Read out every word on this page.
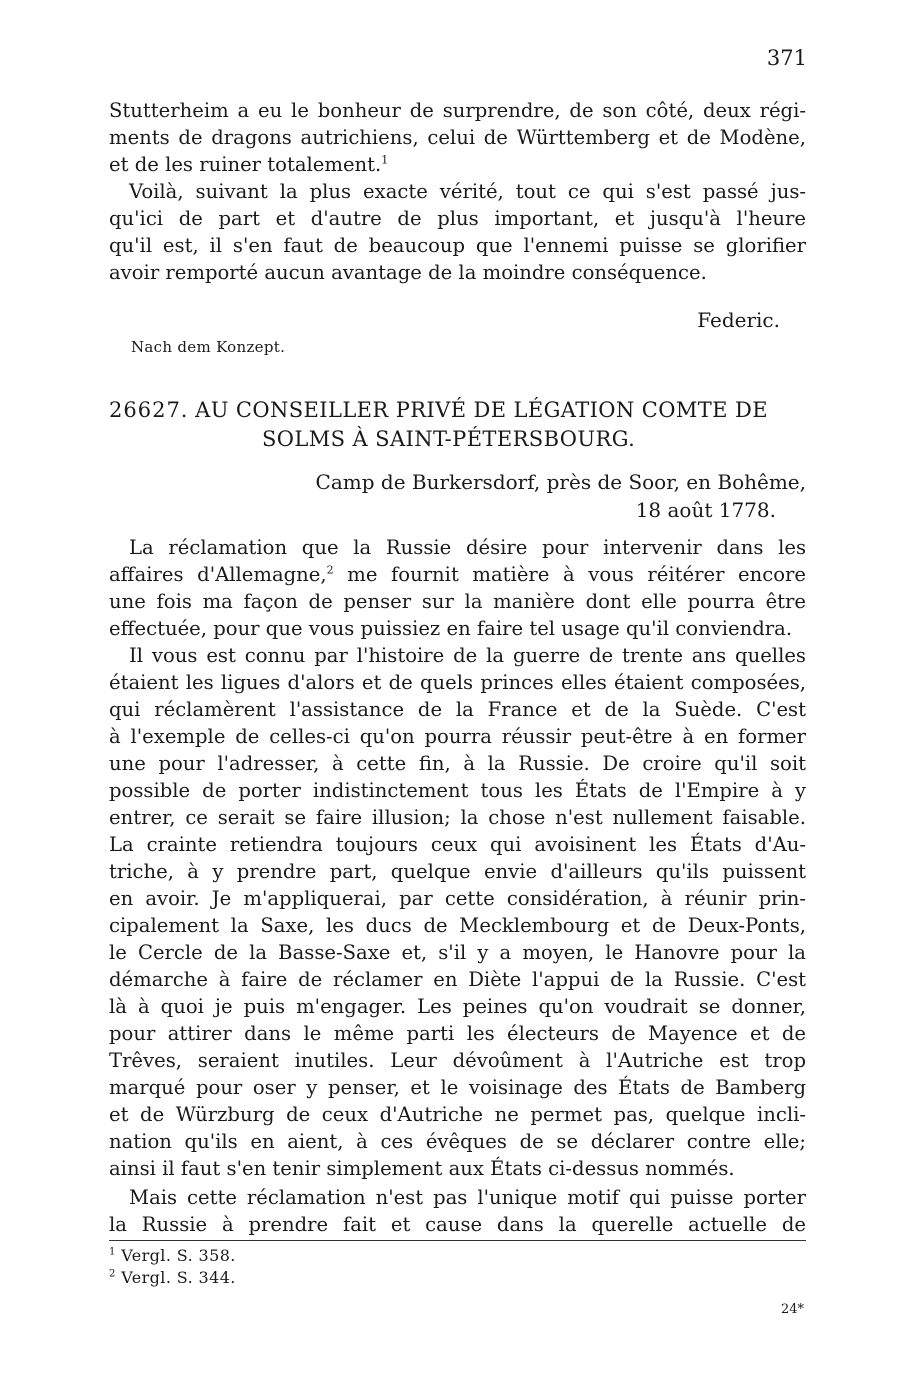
371
Stutterheim a eu le bonheur de surprendre, de son côté, deux régi-
ments de dragons autrichiens, celui de Württemberg et de Modène,
et de les ruiner totalement.$^1$
Voilà, suivant la plus exacte vérité, tout ce qui s'est passé jus-
qu'ici de part et d'autre de plus important, et jusqu'à l'heure
qu'il est, il s'en faut de beaucoup que l'ennemi puisse se glorifier
avoir remporté aucun avantage de la moindre conséquence.
Federic.
Nach dem Konzept.
26627. AU CONSEILLER PRIVÉ DE LÉGATION COMTE DE
SOLMS À SAINT-PÉTERSBOURG.
Camp de Burkersdorf, près de Soor, en Bohême,
18 août 1778.
La réclamation que la Russie désire pour intervenir dans les
affaires d'Allemagne,$^2$ me fournit matière à vous réitérer encore
une fois ma façon de penser sur la manière dont elle pourra être
effectuée, pour que vous puissiez en faire tel usage qu'il conviendra.
Il vous est connu par l'histoire de la guerre de trente ans quelles
étaient les ligues d'alors et de quels princes elles étaient composées,
qui réclamèrent l'assistance de la France et de la Suède. C'est
à l'exemple de celles-ci qu'on pourra réussir peut-être à en former
une pour l'adresser, à cette fin, à la Russie. De croire qu'il soit
possible de porter indistinctement tous les États de l'Empire à y
entrer, ce serait se faire illusion; la chose n'est nullement faisable.
La crainte retiendra toujours ceux qui avoisinent les États d'Au-
triche, à y prendre part, quelque envie d'ailleurs qu'ils puissent
en avoir. Je m'appliquerai, par cette considération, à réunir prin-
cipalement la Saxe, les ducs de Mecklembourg et de Deux-Ponts,
le Cercle de la Basse-Saxe et, s'il y a moyen, le Hanovre pour la
démarche à faire de réclamer en Diète l'appui de la Russie. C'est
là à quoi je puis m'engager. Les peines qu'on voudrait se donner,
pour attirer dans le même parti les électeurs de Mayence et de
Trêves, seraient inutiles. Leur dévoûment à l'Autriche est trop
marqué pour oser y penser, et le voisinage des États de Bamberg
et de Würzburg de ceux d'Autriche ne permet pas, quelque incli-
nation qu'ils en aient, à ces évêques de se déclarer contre elle;
ainsi il faut s'en tenir simplement aux États ci-dessus nommés.
Mais cette réclamation n'est pas l'unique motif qui puisse porter
la Russie à prendre fait et cause dans la querelle actuelle de
$^1$ Vergl. S. 358.
$^2$ Vergl. S. 344.
24*
